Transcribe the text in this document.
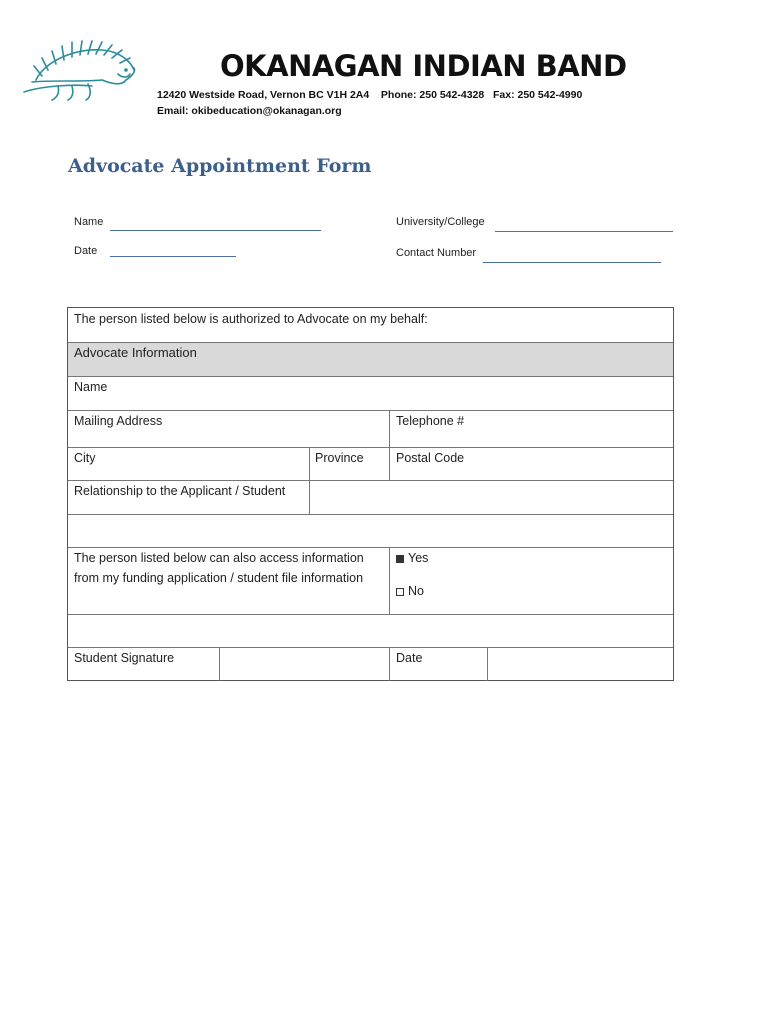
OKANAGAN INDIAN BAND
12420 Westside Road, Vernon BC V1H 2A4 Phone: 250 542-4328 Fax: 250 542-4990
Email: okibeducation@okanagan.org
Advocate Appointment Form
Name
Date
University/College
Contact Number
The person listed below is authorized to Advocate on my behalf:
Advocate Information
Name
Mailing Address	Telephone #
City	Province	Postal Code
Relationship to the Applicant / Student
The person listed below can also access information
from my funding application / student file information
Yes
No
Student Signature	Date
